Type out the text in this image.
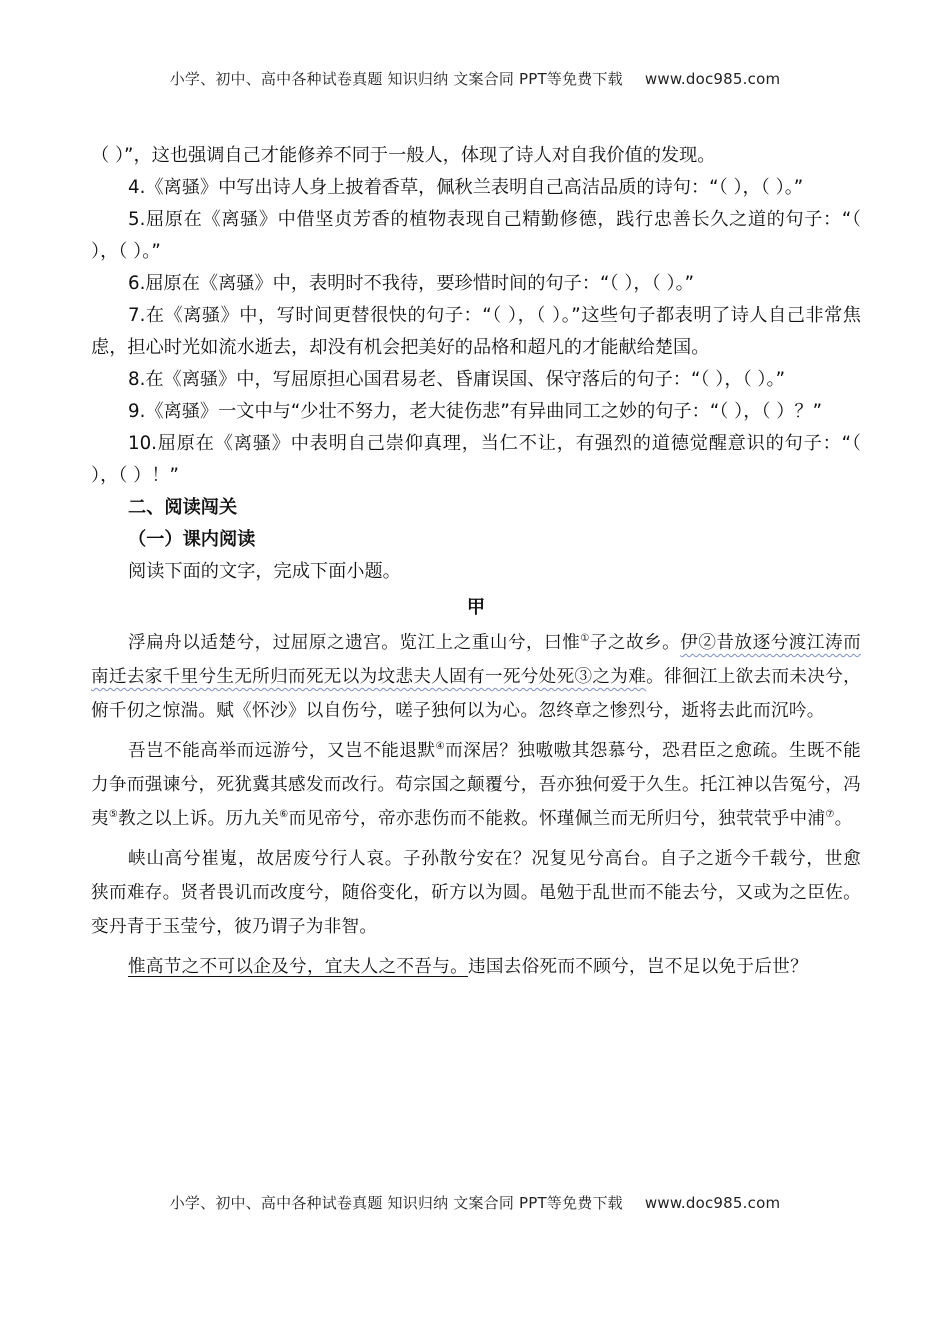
小学、初中、高中各种试卷真题 知识归纳 文案合同 PPT等免费下载 www.doc985.com

（ ）”，这也强调自己才能修养不同于一般人，体现了诗人对自我价值的发现。

4.《离骚》中写出诗人身上披着香草，佩秋兰表明自己高洁品质的诗句：“（ ），（ ）。”

5.屈原在《离骚》中借坚贞芳香的植物表现自己精勤修德，践行忠善长久之道的句子：“（ ），（ ）。”

6.屈原在《离骚》中，表明时不我待，要珍惜时间的句子：“（ ），（ ）。”

7.在《离骚》中，写时间更替很快的句子：“（ ），（ ）。”这些句子都表明了诗人自己非常焦虑，担心时光如流水逝去，却没有机会把美好的品格和超凡的才能献给楚国。

8.在《离骚》中，写屈原担心国君易老、昏庸误国、保守落后的句子：“（ ），（ ）。”

9.《离骚》一文中与“少壮不努力，老大徒伤悲”有异曲同工之妙的句子：“（ ），（ ）？”

10.屈原在《离骚》中表明自己崇仰真理，当仁不让，有强烈的道德觉醒意识的句子：“（ ），（ ）！”

二、阅读闯关

（一）课内阅读

阅读下面的文字，完成下面小题。

甲

浮扁舟以适楚兮，过屈原之遗宫。览江上之重山兮，曰惟①子之故乡。伊②昔放逐兮渡江涛而南迁去家千里兮生无所归而死无以为坟悲夫人固有一死兮处死③之为难。徘徊江上欲去而未决兮，俯千仞之惊湍。赋《怀沙》以自伤兮，嗟子独何以为心。忽终章之惨烈兮，逝将去此而沉吟。

吾岂不能高举而远游兮，又岂不能退默④而深居？独嗷嗷其怨慕兮，恐君臣之愈疏。生既不能力争而强谏兮，死犹冀其感发而改行。苟宗国之颠覆兮，吾亦独何爱于久生。托江神以告冤兮，冯夷⑤教之以上诉。历九关⑥而见帝兮，帝亦悲伤而不能救。怀瑾佩兰而无所归兮，独茕茕乎中浦⑦。

峡山高兮崔嵬，故居废兮行人哀。子孙散兮安在？况复见兮高台。自子之逝今千载兮，世愈狭而难存。贤者畏讥而改度兮，随俗变化，斫方以为圆。黾勉于乱世而不能去兮，又或为之臣佐。变丹青于玉莹兮，彼乃谓子为非智。

惟高节之不可以企及兮，宜夫人之不吾与。违国去俗死而不顾兮，岂不足以免于后世？

小学、初中、高中各种试卷真题 知识归纳 文案合同 PPT等免费下载 www.doc985.com
